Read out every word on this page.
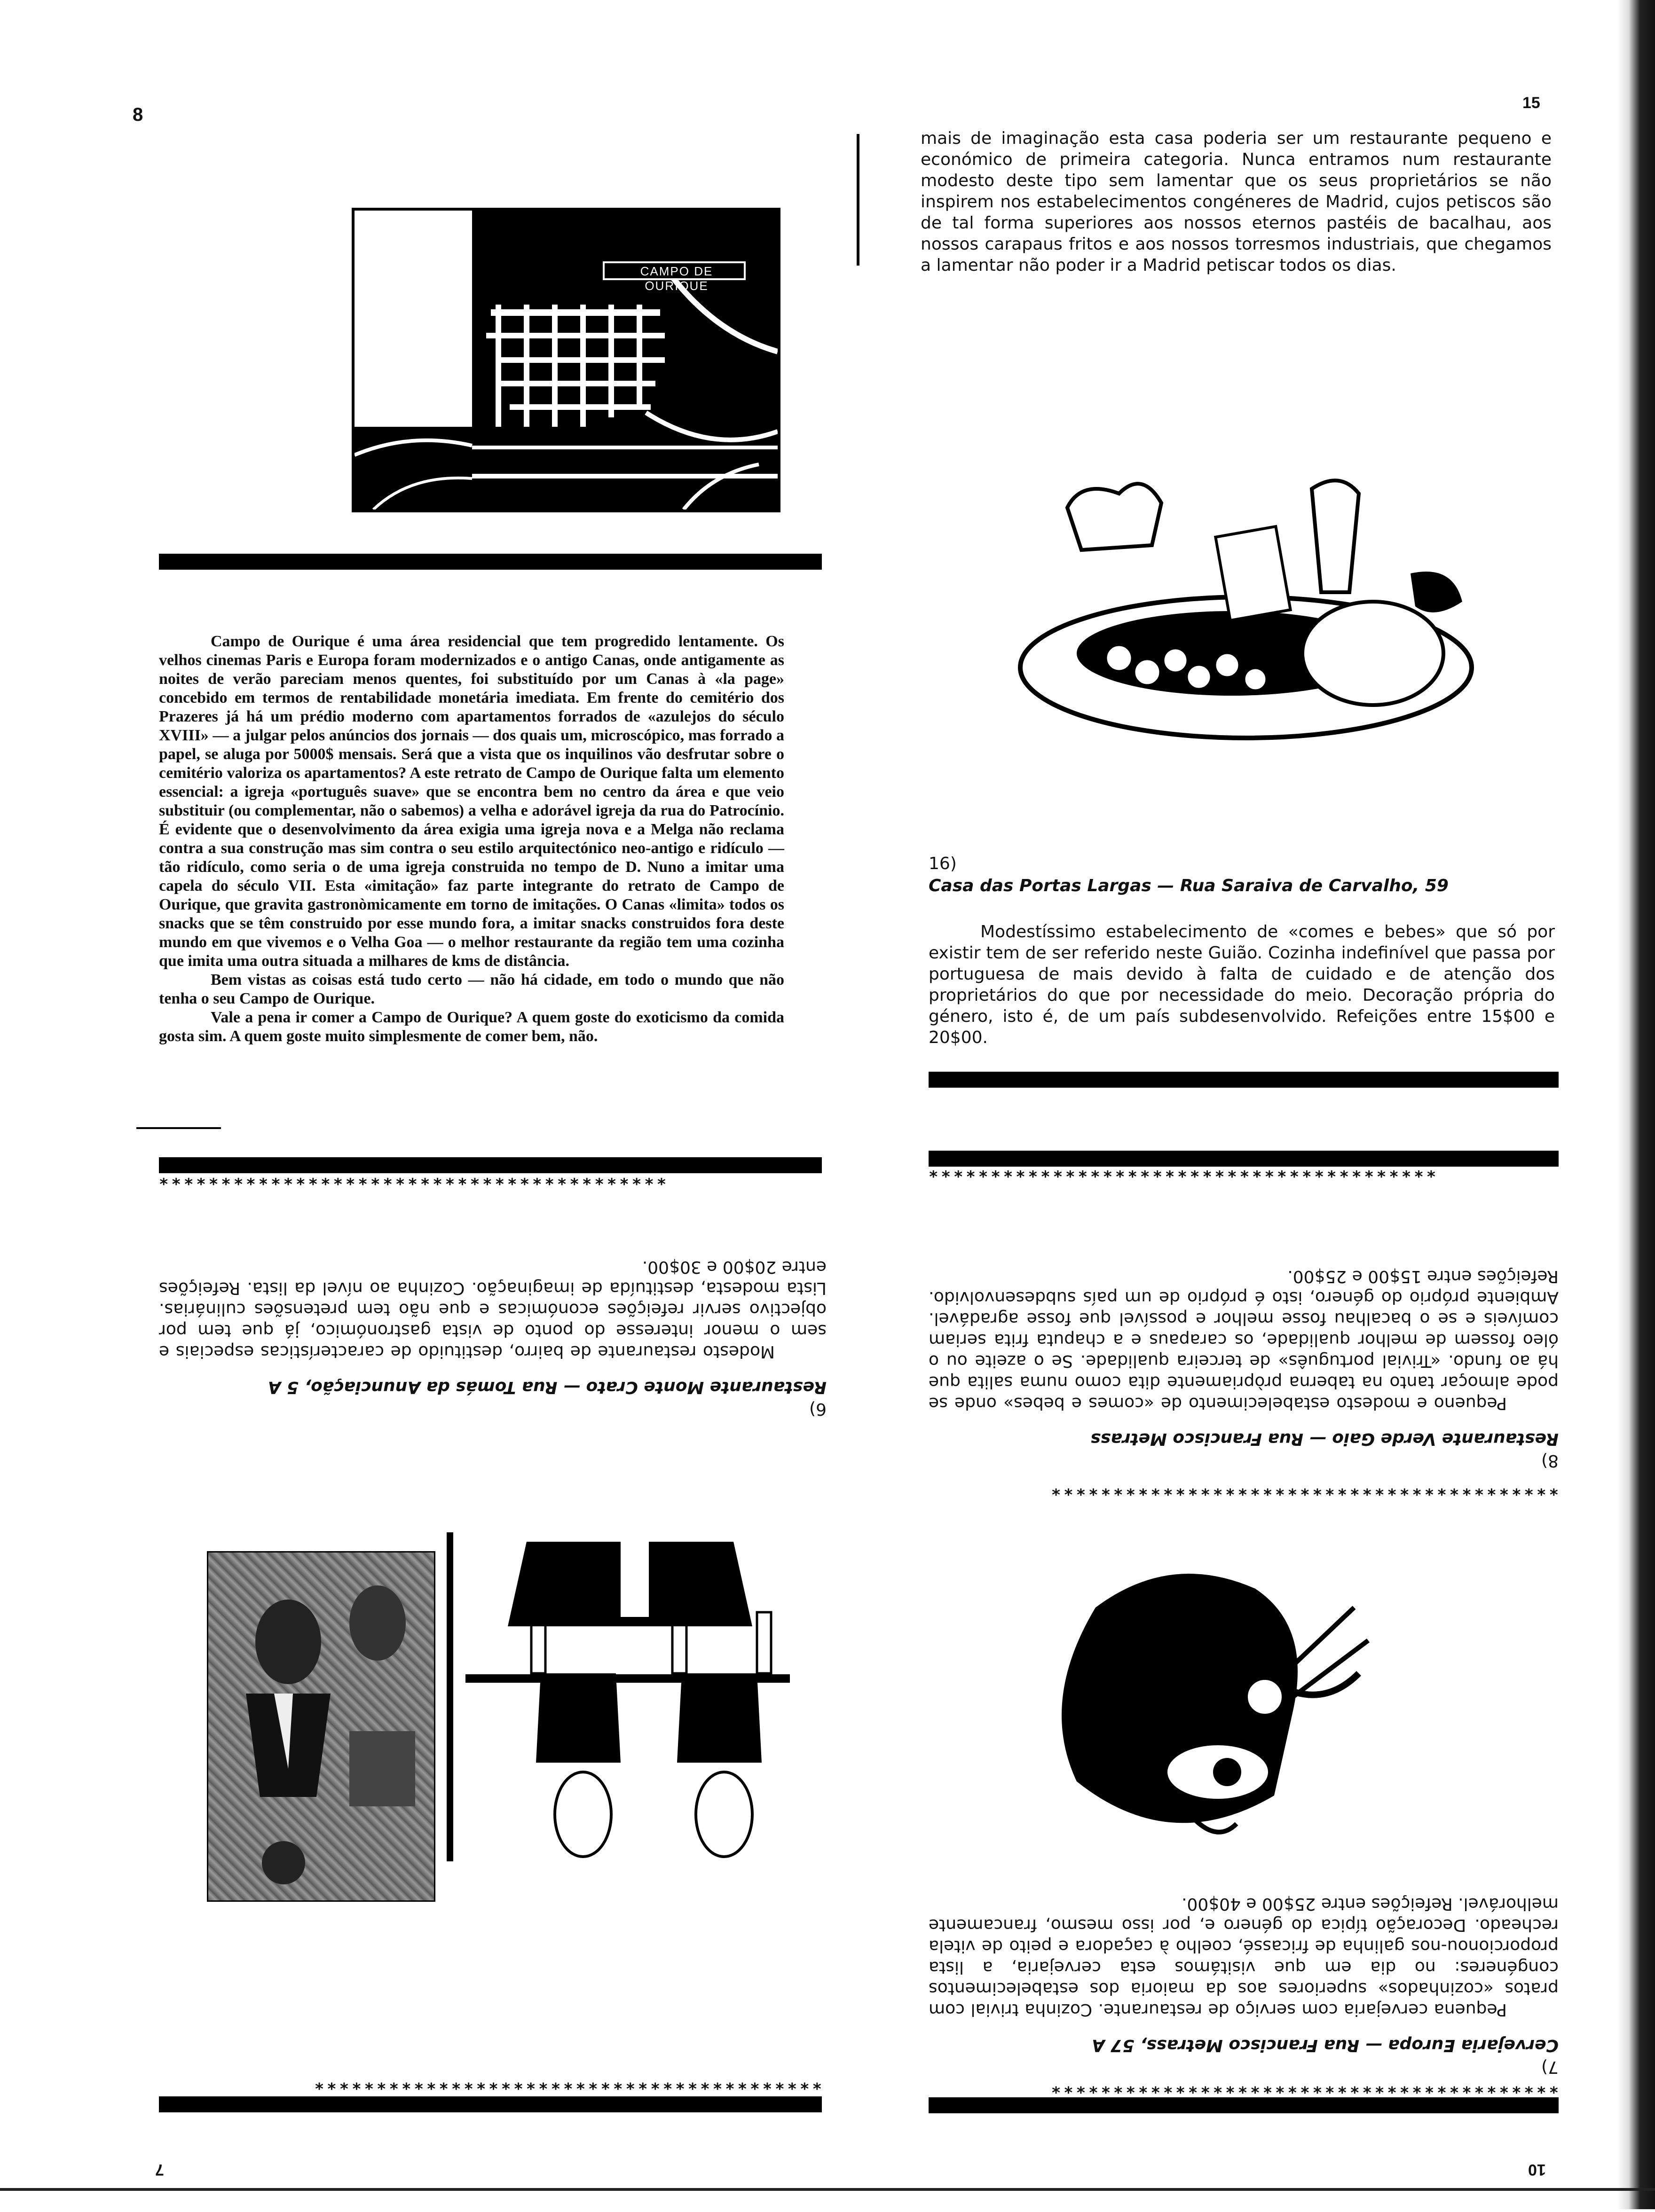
8
15
CAMPO DE OURIQUE
*****************************************

Campo de Ourique é uma área residencial que tem progredido lentamente. Os velhos cinemas Paris e Europa foram modernizados e o antigo Canas, onde antigamente as noites de verão pareciam menos quentes, foi substituído por um Canas à «la page» concebido em termos de rentabilidade monetária imediata. Em frente do cemitério dos Prazeres já há um prédio moderno com apartamentos forrados de «azulejos do século XVIII» — a julgar pelos anúncios dos jornais — dos quais um, microscópico, mas forrado a papel, se aluga por 5000$ mensais. Será que a vista que os inquilinos vão desfrutar sobre o cemitério valoriza os apartamentos? A este retrato de Campo de Ourique falta um elemento essencial: a igreja «português suave» que se encontra bem no centro da área e que veio substituir (ou complementar, não o sabemos) a velha e adorável igreja da rua do Patrocínio. É evidente que o desenvolvimento da área exigia uma igreja nova e a Melga não reclama contra a sua construção mas sim contra o seu estilo arquitectónico neo-antigo e ridículo — tão ridículo, como seria o de uma igreja construida no tempo de D. Nuno a imitar uma capela do século VII. Esta «imitação» faz parte integrante do retrato de Campo de Ourique, que gravita gastronòmicamente em torno de imitações. O Canas «limita» todos os snacks que se têm construido por esse mundo fora, a imitar snacks construidos fora deste mundo em que vivemos e o Velha Goa — o melhor restaurante da região tem uma cozinha que imita uma outra situada a milhares de kms de distância.

Bem vistas as coisas está tudo certo — não há cidade, em todo o mundo que não tenha o seu Campo de Ourique.

Vale a pena ir comer a Campo de Ourique? A quem goste do exoticismo da comida gosta sim. A quem goste muito simplesmente de comer bem, não.

mais de imaginação esta casa poderia ser um restaurante pequeno e económico de primeira categoria. Nunca entramos num restaurante modesto deste tipo sem lamentar que os seus proprietários se não inspirem nos estabelecimentos congéneres de Madrid, cujos petiscos são de tal forma superiores aos nossos eternos pastéis de bacalhau, aos nossos carapaus fritos e aos nossos torresmos industriais, que chegamos a lamentar não poder ir a Madrid petiscar todos os dias.
16)
Casa das Portas Largas — Rua Saraiva de Carvalho, 59
Modestíssimo estabelecimento de «comes e bebes» que só por existir tem de ser referido neste Guião. Cozinha indefinível que passa por portuguesa de mais devido à falta de cuidado e de atenção dos proprietários do que por necessidade do meio. Decoração própria do género, isto é, de um país subdesenvolvido. Refeições entre 15$00 e 20$00.
*****************************************
6)
Restaurante Monte Crato — Rua Tomás da Anunciação, 5 A
Modesto restaurante de bairro, destituido de características especiais e sem o menor interesse do ponto de vista gastronómico, já que tem por objectivo servir refeições económicas e que não tem pretensões culinárias. Lista modesta, destituída de imaginação. Cozinha ao nível da lista. Refeições entre 20$00 e 30$00.
8)
Restaurante Verde Gaio — Rua Francisco Metrass
Pequeno e modesto estabelecimento de «comes e bebes» onde se pode almoçar tanto na taberna pròpriamente dita como numa salita que há ao fundo. «Trivial português» de terceira qualidade. Se o azeite ou o óleo fossem de melhor qualidade, os carapaus e a chaputa frita seriam comíveis e se o bacalhau fosse melhor e possível que fosse agradável. Ambiente próprio do género, isto é próprio de um país subdesenvolvido. Refeições entre 15$00 e 25$00.
*****************************************
7)
Cervejaria Europa — Rua Francisco Metrass, 57 A
Pequena cervejaria com serviço de restaurante. Cozinha trivial com pratos «cozinhados» superiores aos da maioria dos estabelecimentos congéneres: no dia em que visitámos esta cervejaria, a lista proporcionou-nos galinha de fricassé, coelho à caçadora e peito de vitela recheado. Decoração típica do género e, por isso mesmo, francamente melhorável. Refeições entre 25$00 e 40$00.
*****************************************	*****************************************
7	10
